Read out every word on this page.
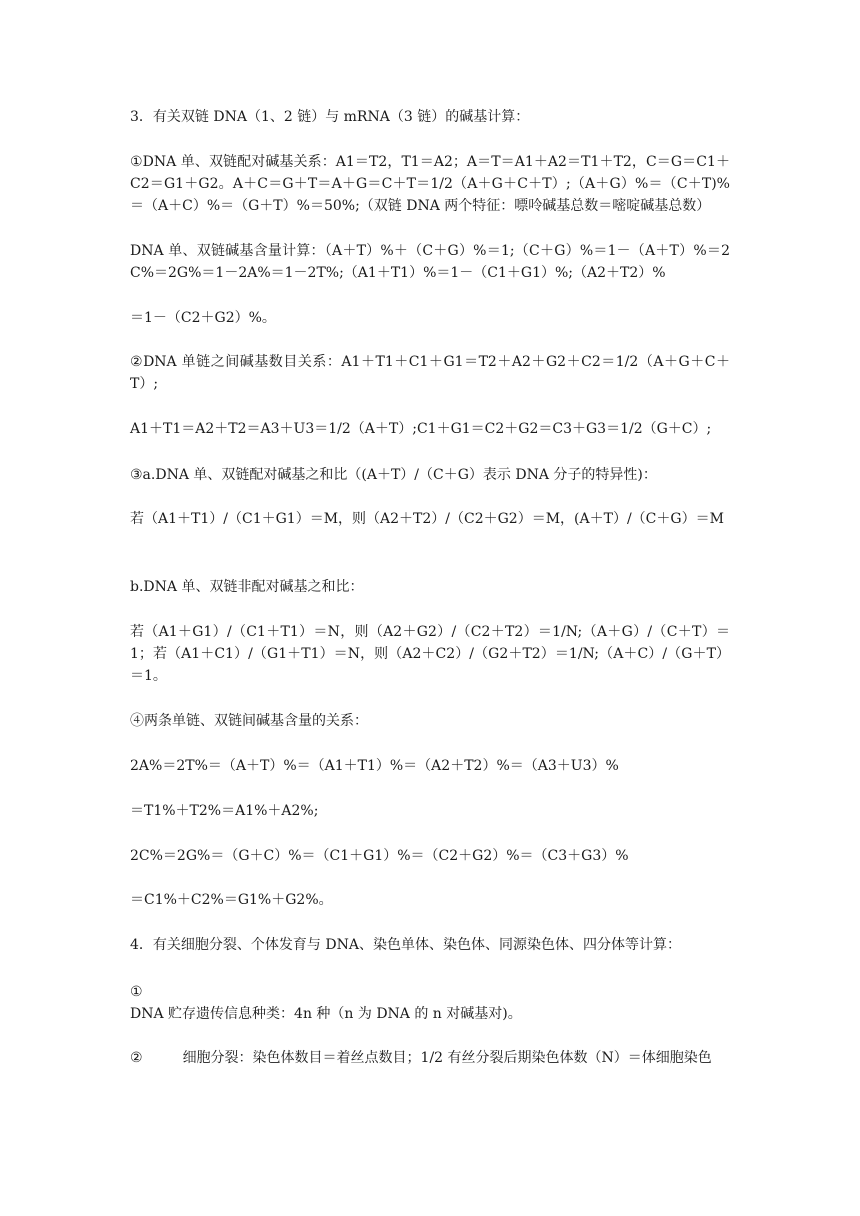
3．有关双链 DNA（1、2 链）与 mRNA（3 链）的碱基计算：

①DNA 单、双链配对碱基关系：A1＝T2，T1＝A2；A＝T＝A1＋A2＝T1＋T2，C＝G＝C1＋C2＝G1＋G2。A＋C＝G＋T＝A＋G＝C＋T＝1/2（A＋G＋C＋T）;（A＋G）%＝（C＋T)%＝（A＋C）%＝（G＋T）%＝50%;（双链 DNA 两个特征：嘌呤碱基总数＝嘧啶碱基总数）

DNA 单、双链碱基含量计算：（A＋T）%＋（C＋G）%＝1;（C＋G）%＝1－（A＋T）%＝2C%＝2G%＝1－2A%＝1－2T%;（A1＋T1）%＝1－（C1＋G1）%;（A2＋T2）%

＝1－（C2＋G2）%。

②DNA 单链之间碱基数目关系：A1＋T1＋C1＋G1＝T2＋A2＋G2＋C2＝1/2（A＋G＋C＋T）;

A1＋T1＝A2＋T2＝A3＋U3＝1/2（A＋T）;C1＋G1＝C2＋G2＝C3＋G3＝1/2（G＋C）;

③a.DNA 单、双链配对碱基之和比（(A＋T）/（C＋G）表示 DNA 分子的特异性)：

若（A1＋T1）/（C1＋G1）＝M，则（A2＋T2）/（C2＋G2）＝M，(A＋T）/（C＋G）＝M

b.DNA 单、双链非配对碱基之和比：

若（A1＋G1）/（C1＋T1）＝N，则（A2＋G2）/（C2＋T2）＝1/N;（A＋G）/（C＋T）＝1；若（A1＋C1）/（G1＋T1）＝N，则（A2＋C2）/（G2＋T2）＝1/N;（A＋C）/（G＋T）＝1。

④两条单链、双链间碱基含量的关系：

2A%＝2T%＝（A＋T）%＝（A1＋T1）%＝（A2＋T2）%＝（A3＋U3）%

＝T1%＋T2%＝A1%＋A2%;

2C%＝2G%＝（G＋C）%＝（C1＋G1）%＝（C2＋G2）%＝（C3＋G3）%

＝C1%＋C2%＝G1%＋G2%。

4．有关细胞分裂、个体发育与 DNA、染色单体、染色体、同源染色体、四分体等计算：

①

DNA 贮存遗传信息种类：4n 种（n 为 DNA 的 n 对碱基对)。

②	细胞分裂：染色体数目＝着丝点数目；1/2 有丝分裂后期染色体数（N）＝体细胞染色
